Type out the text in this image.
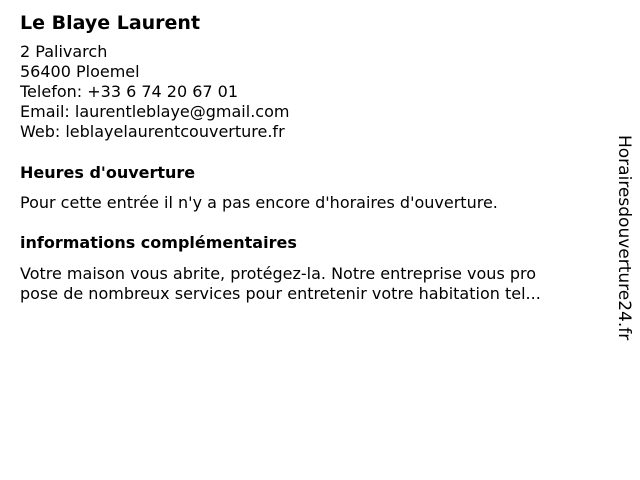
Le Blaye Laurent
2 Palivarch
56400 Ploemel
Telefon: +33 6 74 20 67 01
Email: laurentleblaye@gmail.com
Web: leblayelaurentcouverture.fr
Heures d'ouverture
Pour cette entrée il n'y a pas encore d'horaires d'ouverture.
informations complémentaires
Votre maison vous abrite, protégez-la. Notre entreprise vous pro
pose de nombreux services pour entretenir votre habitation tel...	Horairesdouverture24.fr
